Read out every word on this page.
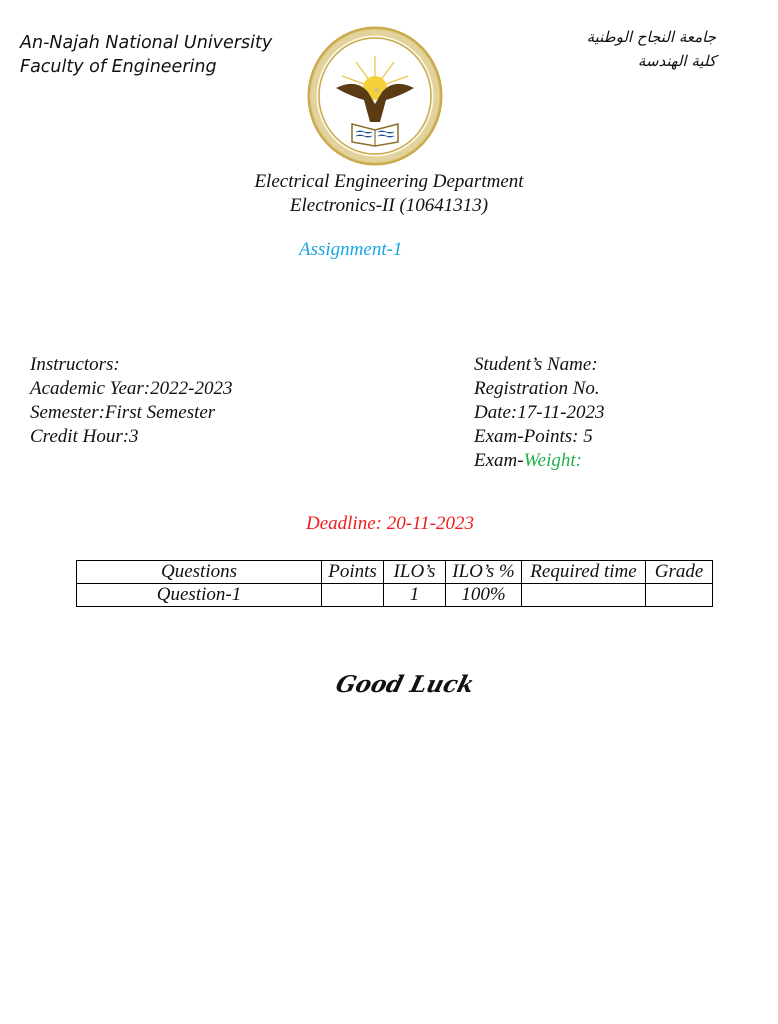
An-Najah National University
Faculty of Engineering
جامعة النجاح الوطنية
كلية الهندسة
Electrical Engineering Department
Electronics-II (10641313)
Assignment-1
Instructors:
Academic Year:2022-2023
Semester:First Semester
Credit Hour:3
Student’s Name:
Registration No.
Date:17-11-2023
Exam-Points: 5
Exam-Weight:
Deadline: 20-11-2023
Questions	Points	ILO’s	ILO’s %	Required time	Grade
Question-1		1	100%		
Good Luck
